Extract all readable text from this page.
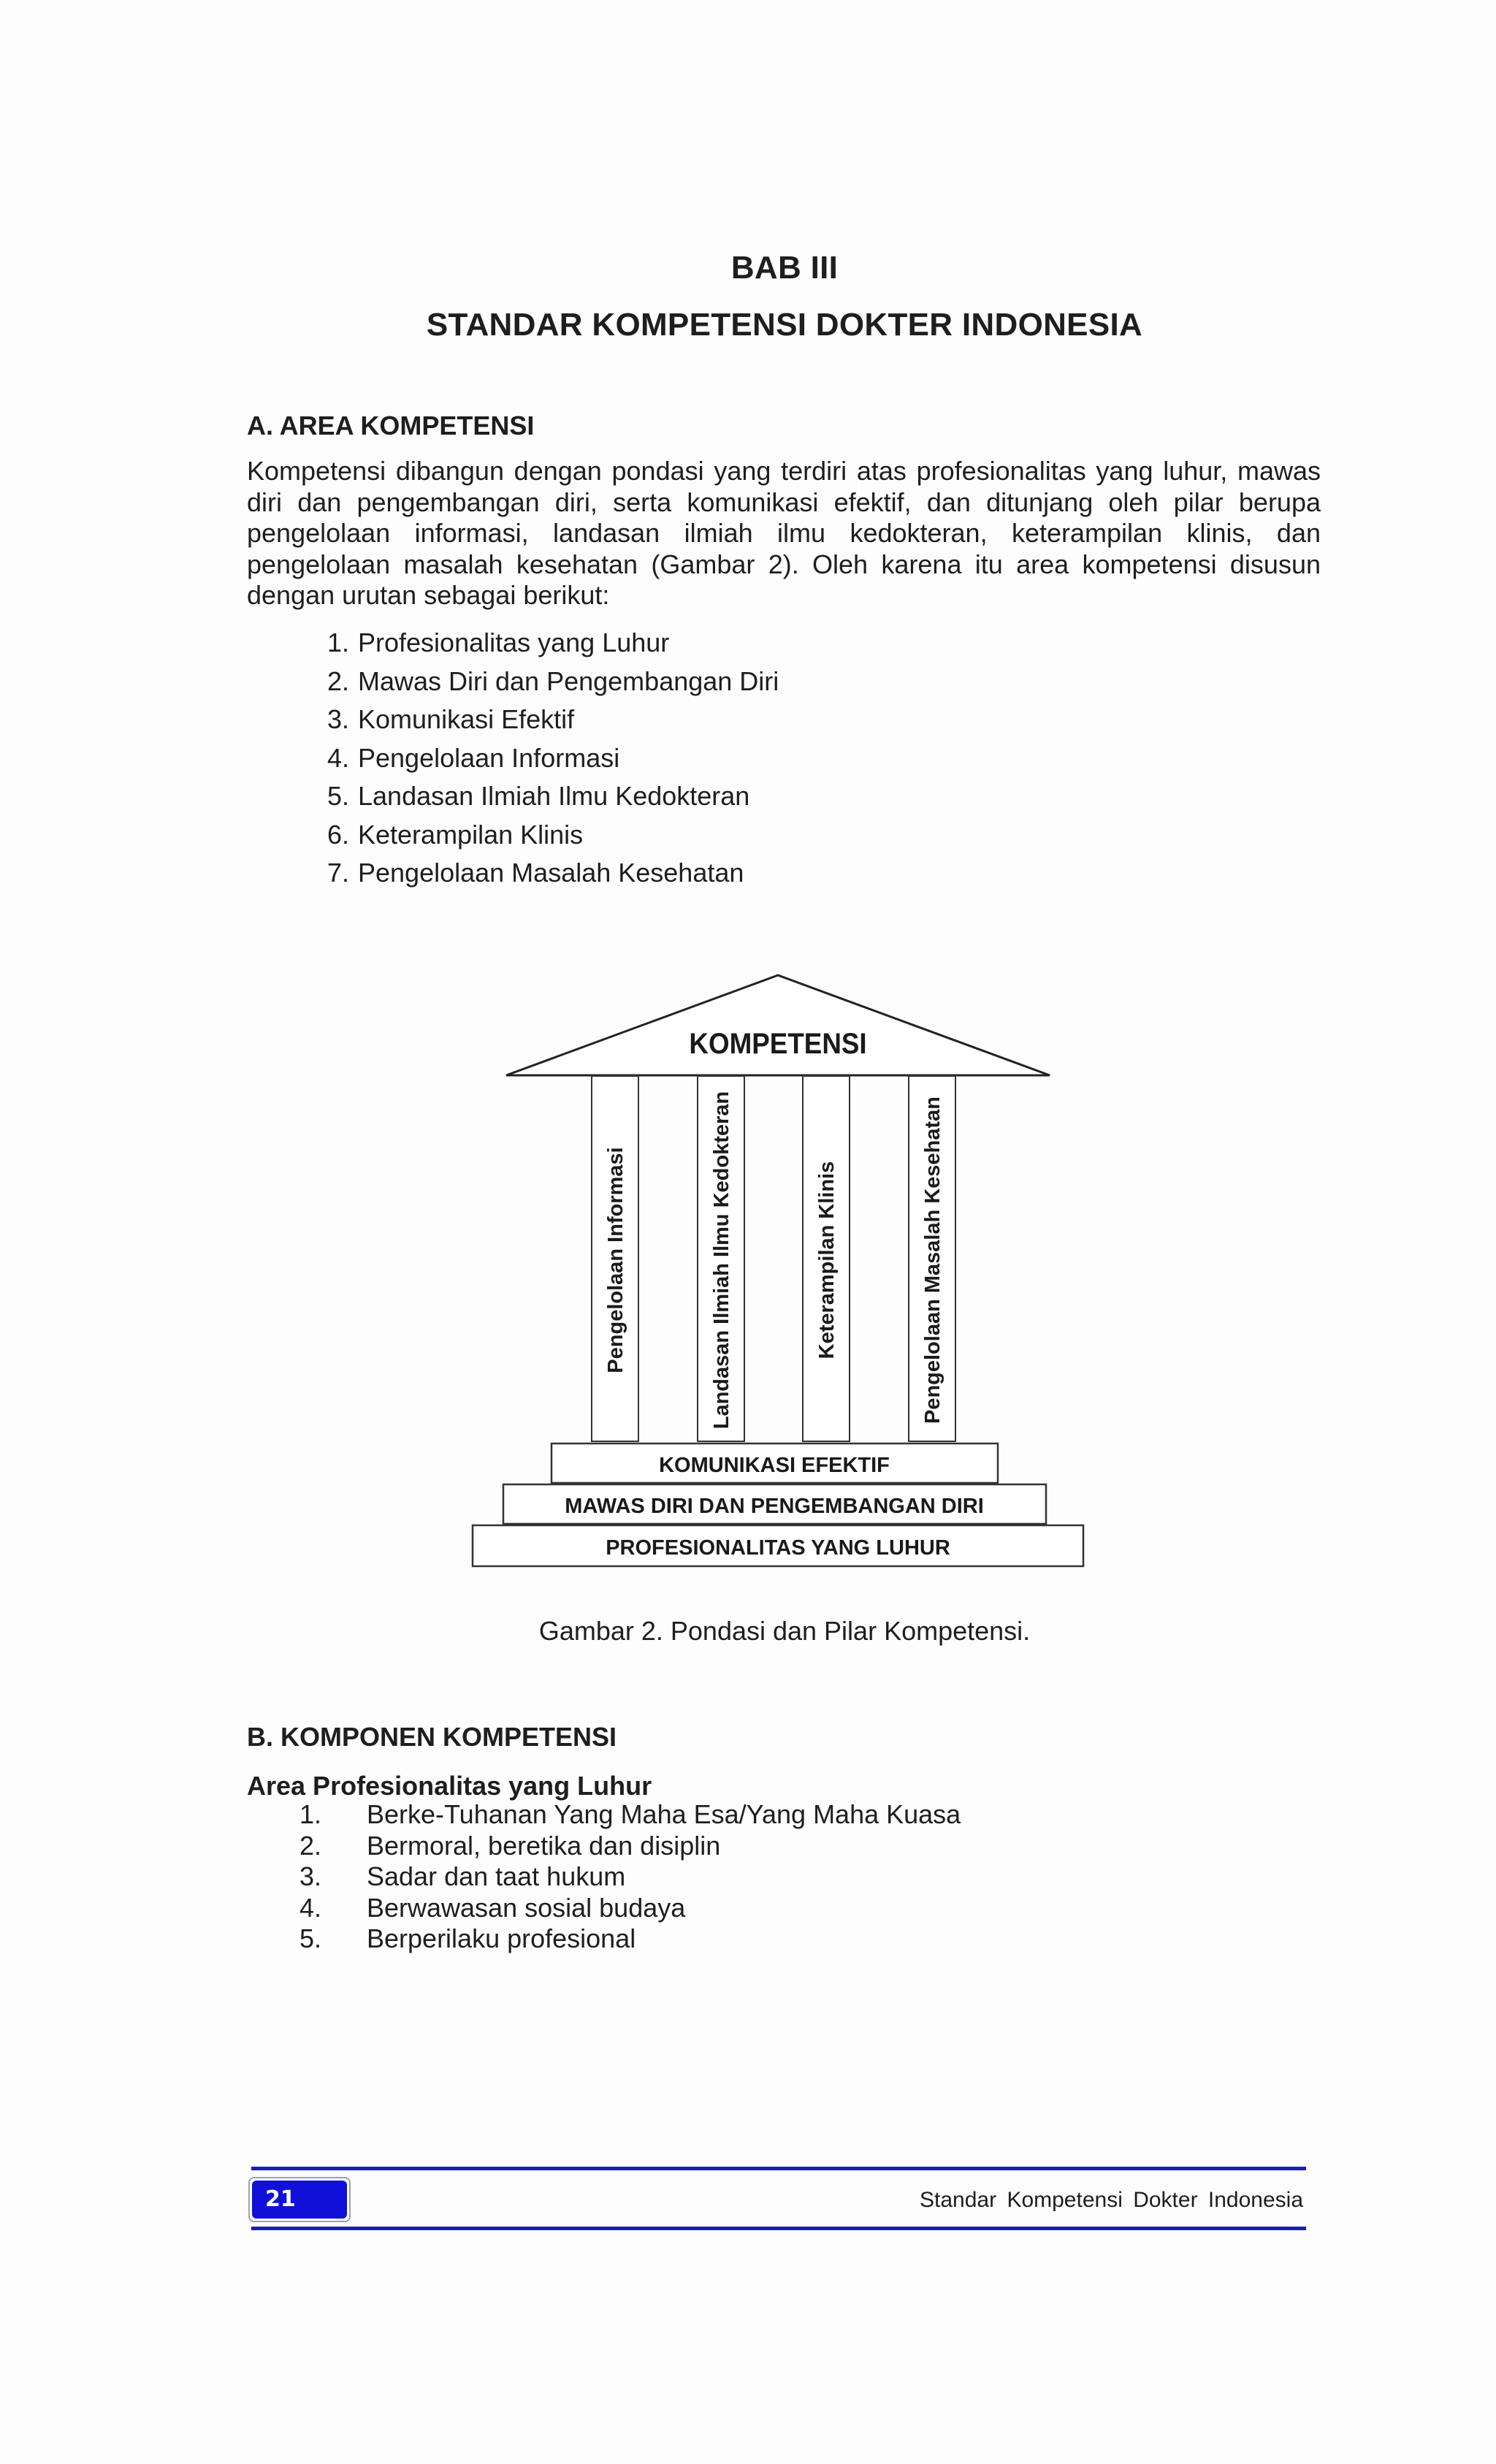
BAB III
STANDAR KOMPETENSI DOKTER INDONESIA
A. AREA KOMPETENSI
Kompetensi dibangun dengan pondasi yang terdiri atas profesionalitas yang luhur, mawas diri dan pengembangan diri, serta komunikasi efektif, dan ditunjang oleh pilar berupa pengelolaan informasi, landasan ilmiah ilmu kedokteran, keterampilan klinis, dan pengelolaan masalah kesehatan (Gambar 2). Oleh karena itu area kompetensi disusun dengan urutan sebagai berikut:
1. Profesionalitas yang Luhur
2. Mawas Diri dan Pengembangan Diri
3. Komunikasi Efektif
4. Pengelolaan Informasi
5. Landasan Ilmiah Ilmu Kedokteran
6. Keterampilan Klinis
7. Pengelolaan Masalah Kesehatan
KOMPETENSI
Pengelolaan Informasi	Landasan Ilmiah Ilmu Kedokteran	Keterampilan Klinis	Pengelolaan Masalah Kesehatan
KOMUNIKASI EFEKTIF
MAWAS DIRI DAN PENGEMBANGAN DIRI
PROFESIONALITAS YANG LUHUR
Gambar 2. Pondasi dan Pilar Kompetensi.
B. KOMPONEN KOMPETENSI
Area Profesionalitas yang Luhur
1. Berke-Tuhanan Yang Maha Esa/Yang Maha Kuasa
2. Bermoral, beretika dan disiplin
3. Sadar dan taat hukum
4. Berwawasan sosial budaya
5. Berperilaku profesional
21	Standar Kompetensi Dokter Indonesia
